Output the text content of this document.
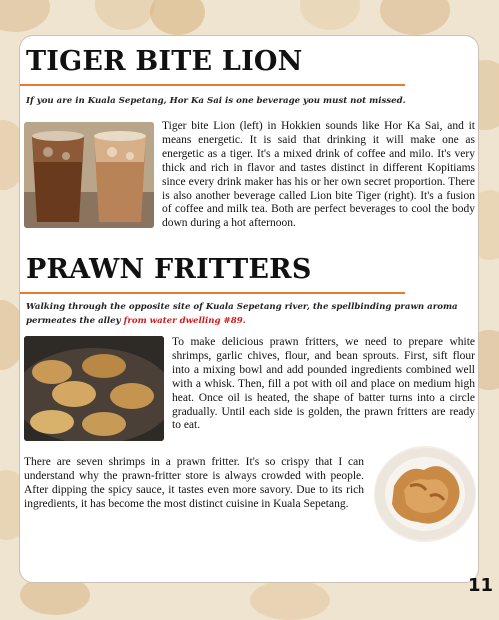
TIGER BITE LION

If you are in Kuala Sepetang, Hor Ka Sai is one beverage you must not missed.

Tiger bite Lion (left) in Hokkien sounds like Hor Ka Sai, and it means energetic. It is said that drinking it will make one as energetic as a tiger. It's a mixed drink of coffee and milo. It's very thick and rich in flavor and tastes distinct in different Kopitiams since every drink maker has his or her own secret proportion. There is also another beverage called Lion bite Tiger (right). It's a fusion of coffee and milk tea. Both are perfect beverages to cool the body down during a hot afternoon.

PRAWN FRITTERS

Walking through the opposite site of Kuala Sepetang river, the spellbinding prawn aroma permeates the alley from water dwelling #89.

To make delicious prawn fritters, we need to prepare white shrimps, garlic chives, flour, and bean sprouts. First, sift flour into a mixing bowl and add pounded ingredients combined well with a whisk. Then, fill a pot with oil and place on medium high heat. Once oil is heated, the shape of batter turns into a circle gradually. Until each side is golden, the prawn fritters are ready to eat.

There are seven shrimps in a prawn fritter. It's so crispy that I can understand why the prawn-fritter store is always crowded with people. After dipping the spicy sauce, it tastes even more savory. Due to its rich ingredients, it has become the most distinct cuisine in Kuala Sepetang.

11
